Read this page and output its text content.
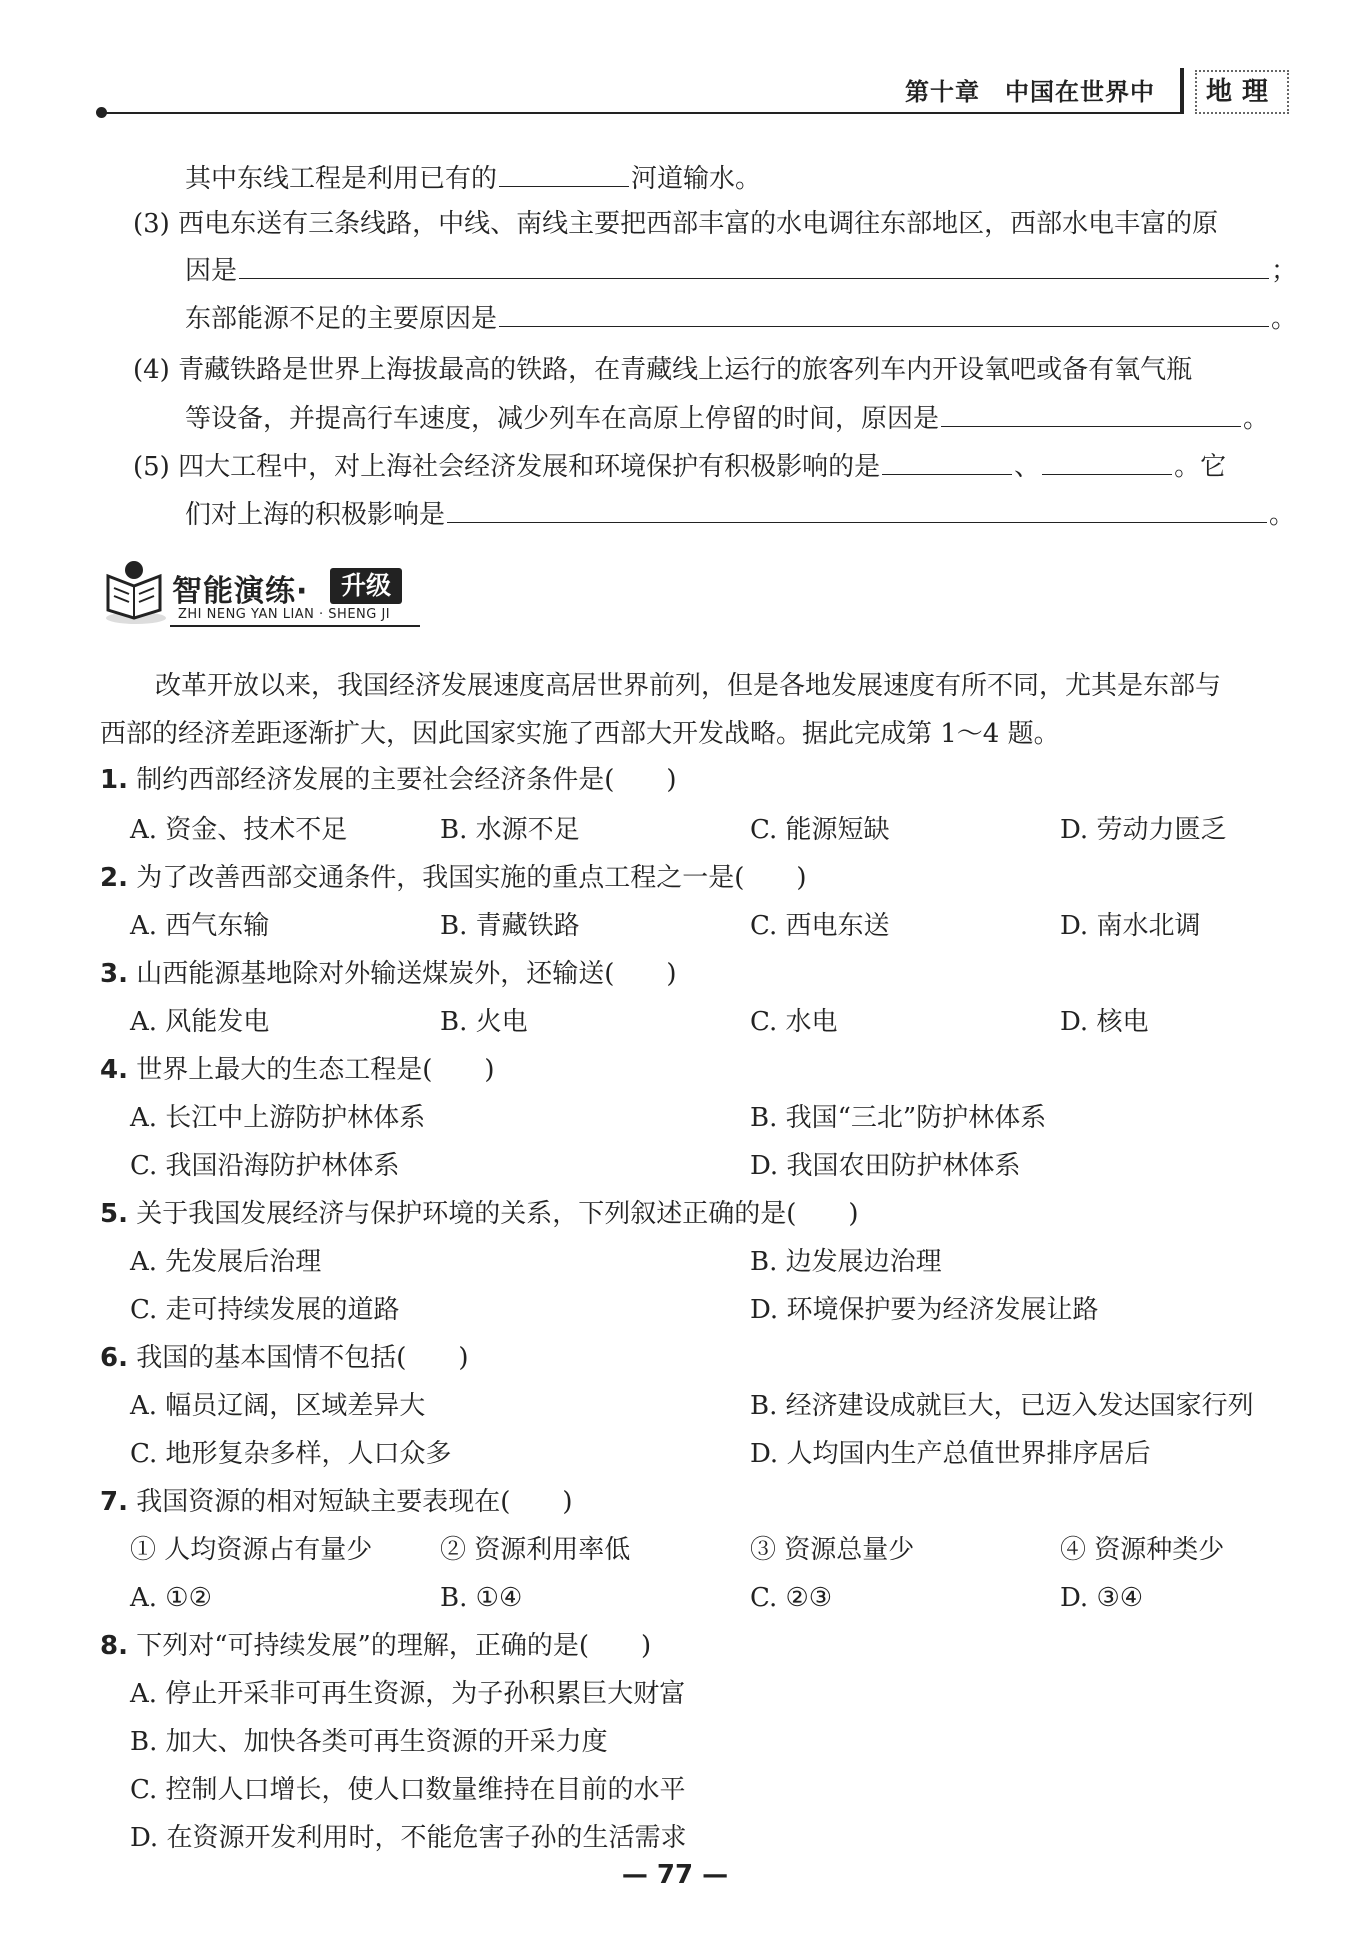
第十章　中国在世界中	地理
其中东线工程是利用已有的	河道输水。
(3) 西电东送有三条线路，中线、南线主要把西部丰富的水电调往东部地区，西部水电丰富的原
因是	；
东部能源不足的主要原因是	。
(4) 青藏铁路是世界上海拔最高的铁路，在青藏线上运行的旅客列车内开设氧吧或备有氧气瓶
等设备，并提高行车速度，减少列车在高原上停留的时间，原因是	。
(5) 四大工程中，对上海社会经济发展和环境保护有积极影响的是	、	。它
们对上海的积极影响是	。
智能演练·	升级
ZHI NENG YAN LIAN · SHENG JI
改革开放以来，我国经济发展速度高居世界前列，但是各地发展速度有所不同，尤其是东部与
西部的经济差距逐渐扩大，因此国家实施了西部大开发战略。据此完成第 1～4 题。
1. 制约西部经济发展的主要社会经济条件是(　　)
A. 资金、技术不足	B. 水源不足	C. 能源短缺	D. 劳动力匮乏
2. 为了改善西部交通条件，我国实施的重点工程之一是(　　)
A. 西气东输	B. 青藏铁路	C. 西电东送	D. 南水北调
3. 山西能源基地除对外输送煤炭外，还输送(　　)
A. 风能发电	B. 火电	C. 水电	D. 核电
4. 世界上最大的生态工程是(　　)
A. 长江中上游防护林体系	B. 我国“三北”防护林体系
C. 我国沿海防护林体系	D. 我国农田防护林体系
5. 关于我国发展经济与保护环境的关系，下列叙述正确的是(　　)
A. 先发展后治理	B. 边发展边治理
C. 走可持续发展的道路	D. 环境保护要为经济发展让路
6. 我国的基本国情不包括(　　)
A. 幅员辽阔，区域差异大	B. 经济建设成就巨大，已迈入发达国家行列
C. 地形复杂多样，人口众多	D. 人均国内生产总值世界排序居后
7. 我国资源的相对短缺主要表现在(　　)
① 人均资源占有量少	② 资源利用率低	③ 资源总量少	④ 资源种类少
A. ①②	B. ①④	C. ②③	D. ③④
8. 下列对“可持续发展”的理解，正确的是(　　)
A. 停止开采非可再生资源，为子孙积累巨大财富
B. 加大、加快各类可再生资源的开采力度
C. 控制人口增长，使人口数量维持在目前的水平
D. 在资源开发利用时，不能危害子孙的生活需求
— 77 —
